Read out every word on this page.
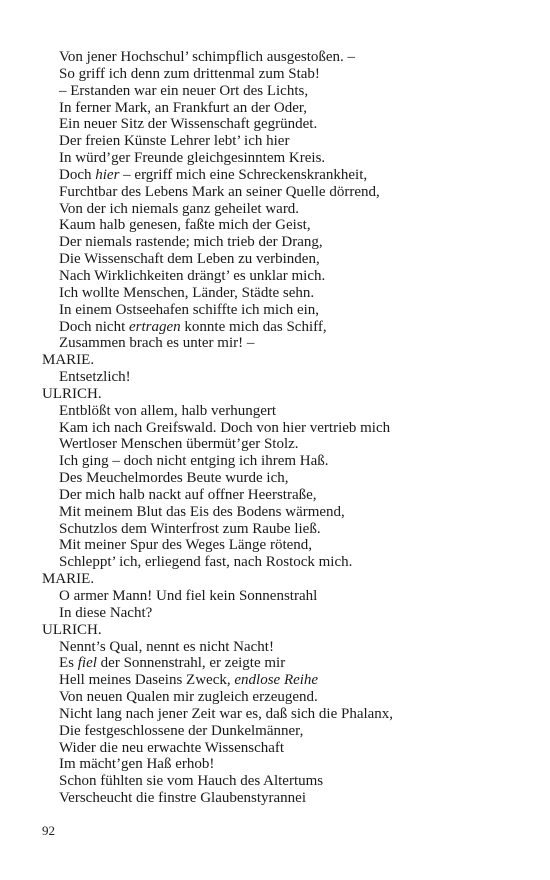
Von jener Hochschul’ schimpflich ausgestoßen. –
So griff ich denn zum drittenmal zum Stab!
– Erstanden war ein neuer Ort des Lichts,
In ferner Mark, an Frankfurt an der Oder,
Ein neuer Sitz der Wissenschaft gegründet.
Der freien Künste Lehrer lebt’ ich hier
In würd’ger Freunde gleichgesinntem Kreis.
Doch hier – ergriff mich eine Schreckenskrankheit,
Furchtbar des Lebens Mark an seiner Quelle dörrend,
Von der ich niemals ganz geheilet ward.
Kaum halb genesen, faßte mich der Geist,
Der niemals rastende; mich trieb der Drang,
Die Wissenschaft dem Leben zu verbinden,
Nach Wirklichkeiten drängt’ es unklar mich.
Ich wollte Menschen, Länder, Städte sehn.
In einem Ostseehafen schiffte ich mich ein,
Doch nicht ertragen konnte mich das Schiff,
Zusammen brach es unter mir! –
MARIE.
Entsetzlich!
ULRICH.
Entblößt von allem, halb verhungert
Kam ich nach Greifswald. Doch von hier vertrieb mich
Wertloser Menschen übermüt’ger Stolz.
Ich ging – doch nicht entging ich ihrem Haß.
Des Meuchelmordes Beute wurde ich,
Der mich halb nackt auf offner Heerstraße,
Mit meinem Blut das Eis des Bodens wärmend,
Schutzlos dem Winterfrost zum Raube ließ.
Mit meiner Spur des Weges Länge rötend,
Schleppt’ ich, erliegend fast, nach Rostock mich.
MARIE.
O armer Mann! Und fiel kein Sonnenstrahl
In diese Nacht?
ULRICH.
Nennt’s Qual, nennt es nicht Nacht!
Es fiel der Sonnenstrahl, er zeigte mir
Hell meines Daseins Zweck, endlose Reihe
Von neuen Qualen mir zugleich erzeugend.
Nicht lang nach jener Zeit war es, daß sich die Phalanx,
Die festgeschlossene der Dunkelmänner,
Wider die neu erwachte Wissenschaft
Im mächt’gen Haß erhob!
Schon fühlten sie vom Hauch des Altertums
Verscheucht die finstre Glaubenstyrannei
92
